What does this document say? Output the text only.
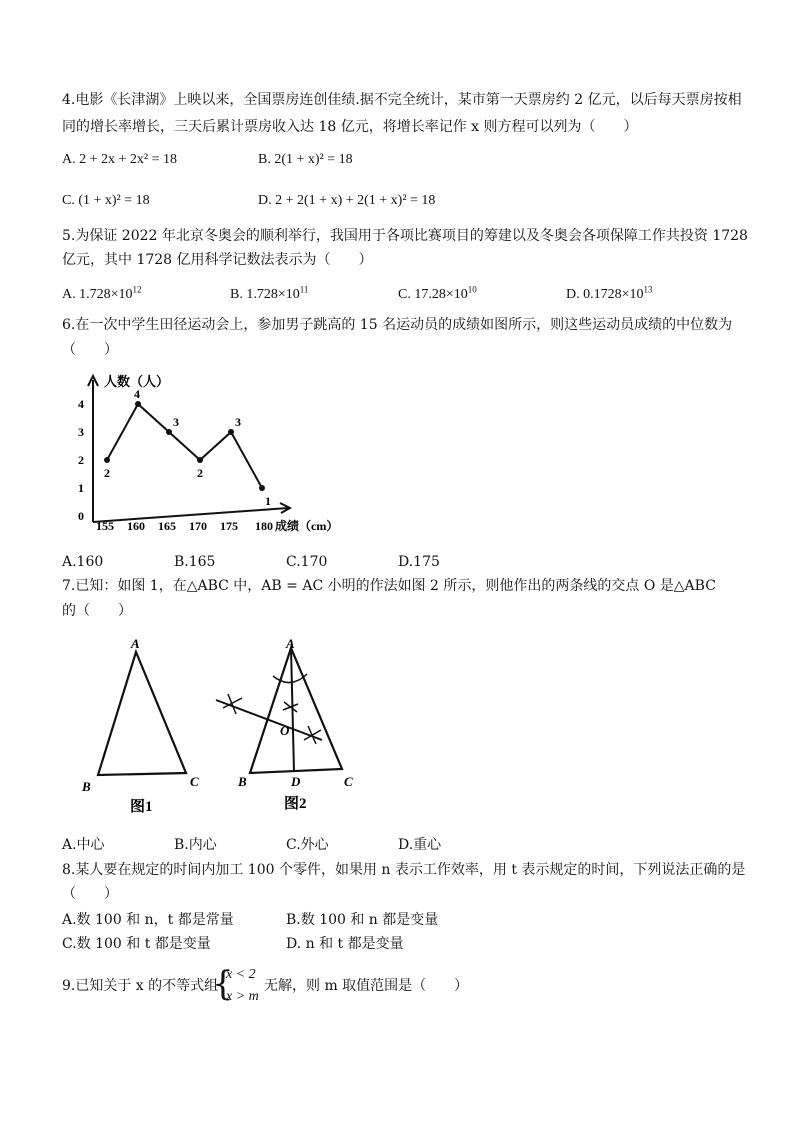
4.电影《长津湖》上映以来，全国票房连创佳绩.据不完全统计，某市第一天票房约 2 亿元，以后每天票房按相
同的增长率增长，三天后累计票房收入达 18 亿元，将增长率记作 x 则方程可以列为（　　）
A. 2 + 2x + 2x² = 18	B. 2(1 + x)² = 18
C. (1 + x)² = 18	D. 2 + 2(1 + x) + 2(1 + x)² = 18
5.为保证 2022 年北京冬奥会的顺利举行，我国用于各项比赛项目的筹建以及冬奥会各项保障工作共投资 1728
亿元，其中 1728 亿用科学记数法表示为（　　）
A. $1.728\times 10^{12}$	B. $1.728\times 10^{11}$	C. $17.28\times 10^{10}$	D. $0.1728\times 10^{13}$
6.在一次中学生田径运动会上，参加男子跳高的 15 名运动员的成绩如图所示，则这些运动员成绩的中位数为
（　　）
人数（人）
成绩（cm）
0
1
2
3
4
155 160 165 170 175 180
2
4
3
2
3
1
A.160	B.165	C.170	D.175
7.已知：如图 1，在△ABC 中，AB = AC 小明的作法如图 2 所示，则他作出的两条线的交点 O 是△ABC
的（　　）
A
B	C
图1
A
O
B	D	C
图2
A.中心	B.内心	C.外心	D.重心
8.某人要在规定的时间内加工 100 个零件，如果用 n 表示工作效率，用 t 表示规定的时间，下列说法正确的是
（　　）
A.数 100 和 n，t 都是常量	B.数 100 和 n 都是变量
C.数 100 和 t 都是变量	D. n 和 t 都是变量
9.已知关于 x 的不等式组
{
x < 2
x > m
无解，则 m 取值范围是（　　）
